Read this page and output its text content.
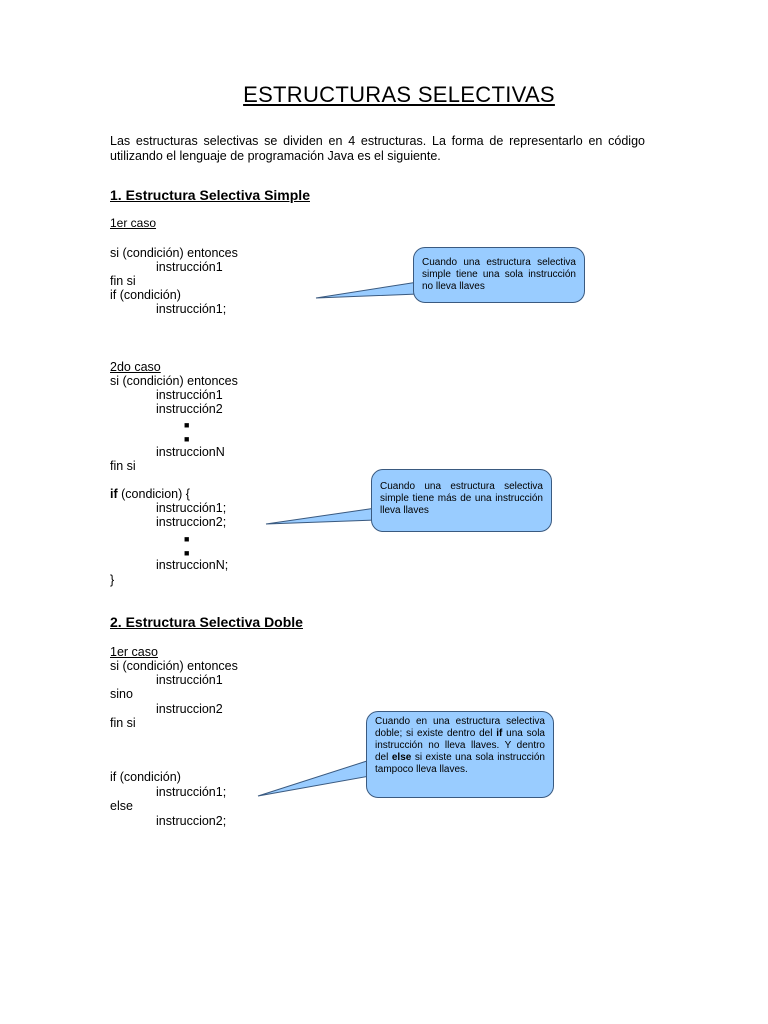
ESTRUCTURAS SELECTIVAS
Las estructuras selectivas se dividen en 4 estructuras. La forma de representarlo en código utilizando el lenguaje de programación Java es el siguiente.
1. Estructura Selectiva Simple
1er caso
si (condición) entonces
instrucción1
fin si
if (condición)
instrucción1;
2do caso
si (condición) entonces
instrucción1
instrucción2
■
■
instruccionN
fin si
if (condicion) {
instrucción1;
instruccion2;
■
■
instruccionN;
}
2. Estructura Selectiva Doble
1er caso
si (condición) entonces
instrucción1
sino
instruccion2
fin si
if (condición)
instrucción1;
else
instruccion2;
Cuando una estructura selectiva simple tiene una sola instrucción no lleva llaves
Cuando una estructura selectiva simple tiene más de una instrucción lleva llaves
Cuando en una estructura selectiva doble; si existe dentro del if una sola instrucción no lleva llaves. Y dentro del else si existe una sola instrucción tampoco lleva llaves.
